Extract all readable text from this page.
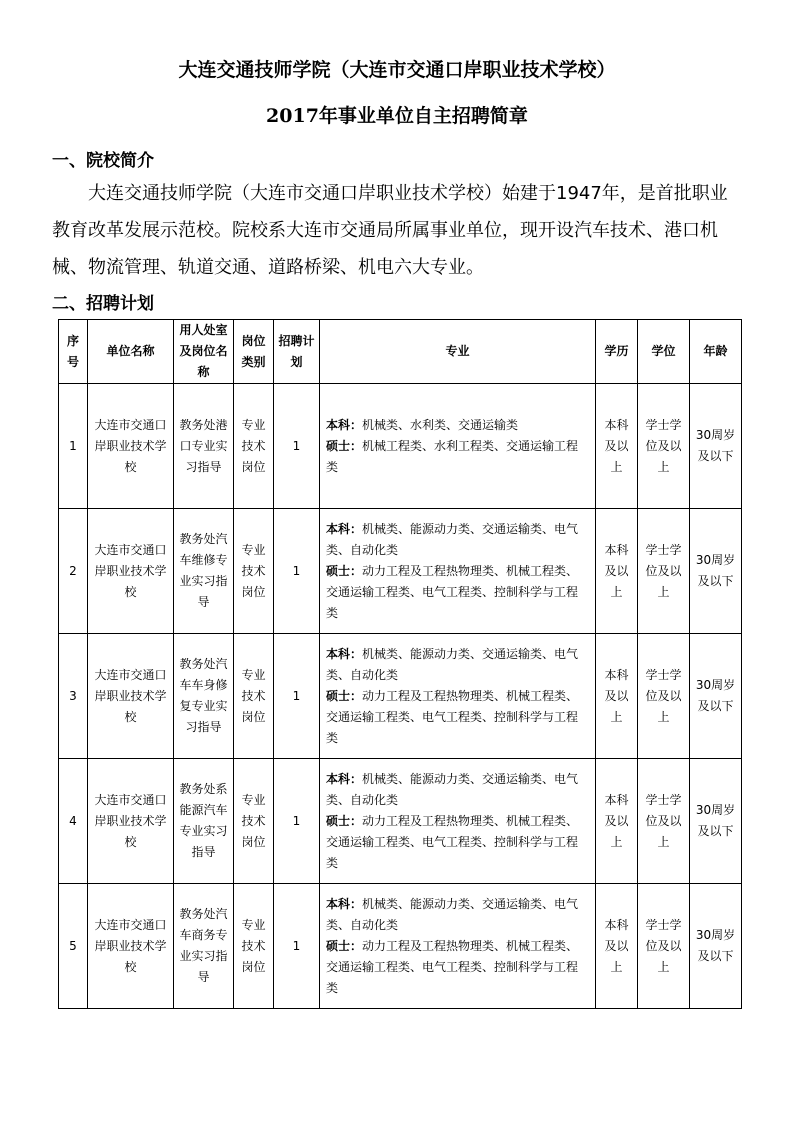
大连交通技师学院（大连市交通口岸职业技术学校）
2017年事业单位自主招聘简章
一、院校简介
大连交通技师学院（大连市交通口岸职业技术学校）始建于1947年，是首批职业教育改革发展示范校。院校系大连市交通局所属事业单位，现开设汽车技术、港口机械、物流管理、轨道交通、道路桥梁、机电六大专业。
二、招聘计划
序号	单位名称	用人处室及岗位名称	岗位类别	招聘计划	专业	学历	学位	年龄
1	大连市交通口岸职业技术学校	教务处港口专业实习指导	专业技术岗位	1	本科：机械类、水利类、交通运输类
硕士：机械工程类、水利工程类、交通运输工程类	本科及以上	学士学位及以上	30周岁及以下
2	大连市交通口岸职业技术学校	教务处汽车维修专业实习指导	专业技术岗位	1	本科：机械类、能源动力类、交通运输类、电气类、自动化类
硕士：动力工程及工程热物理类、机械工程类、交通运输工程类、电气工程类、控制科学与工程类	本科及以上	学士学位及以上	30周岁及以下
3	大连市交通口岸职业技术学校	教务处汽车车身修复专业实习指导	专业技术岗位	1	本科：机械类、能源动力类、交通运输类、电气类、自动化类
硕士：动力工程及工程热物理类、机械工程类、交通运输工程类、电气工程类、控制科学与工程类	本科及以上	学士学位及以上	30周岁及以下
4	大连市交通口岸职业技术学校	教务处系能源汽车专业实习指导	专业技术岗位	1	本科：机械类、能源动力类、交通运输类、电气类、自动化类
硕士：动力工程及工程热物理类、机械工程类、交通运输工程类、电气工程类、控制科学与工程类	本科及以上	学士学位及以上	30周岁及以下
5	大连市交通口岸职业技术学校	教务处汽车商务专业实习指导	专业技术岗位	1	本科：机械类、能源动力类、交通运输类、电气类、自动化类
硕士：动力工程及工程热物理类、机械工程类、交通运输工程类、电气工程类、控制科学与工程类	本科及以上	学士学位及以上	30周岁及以下
